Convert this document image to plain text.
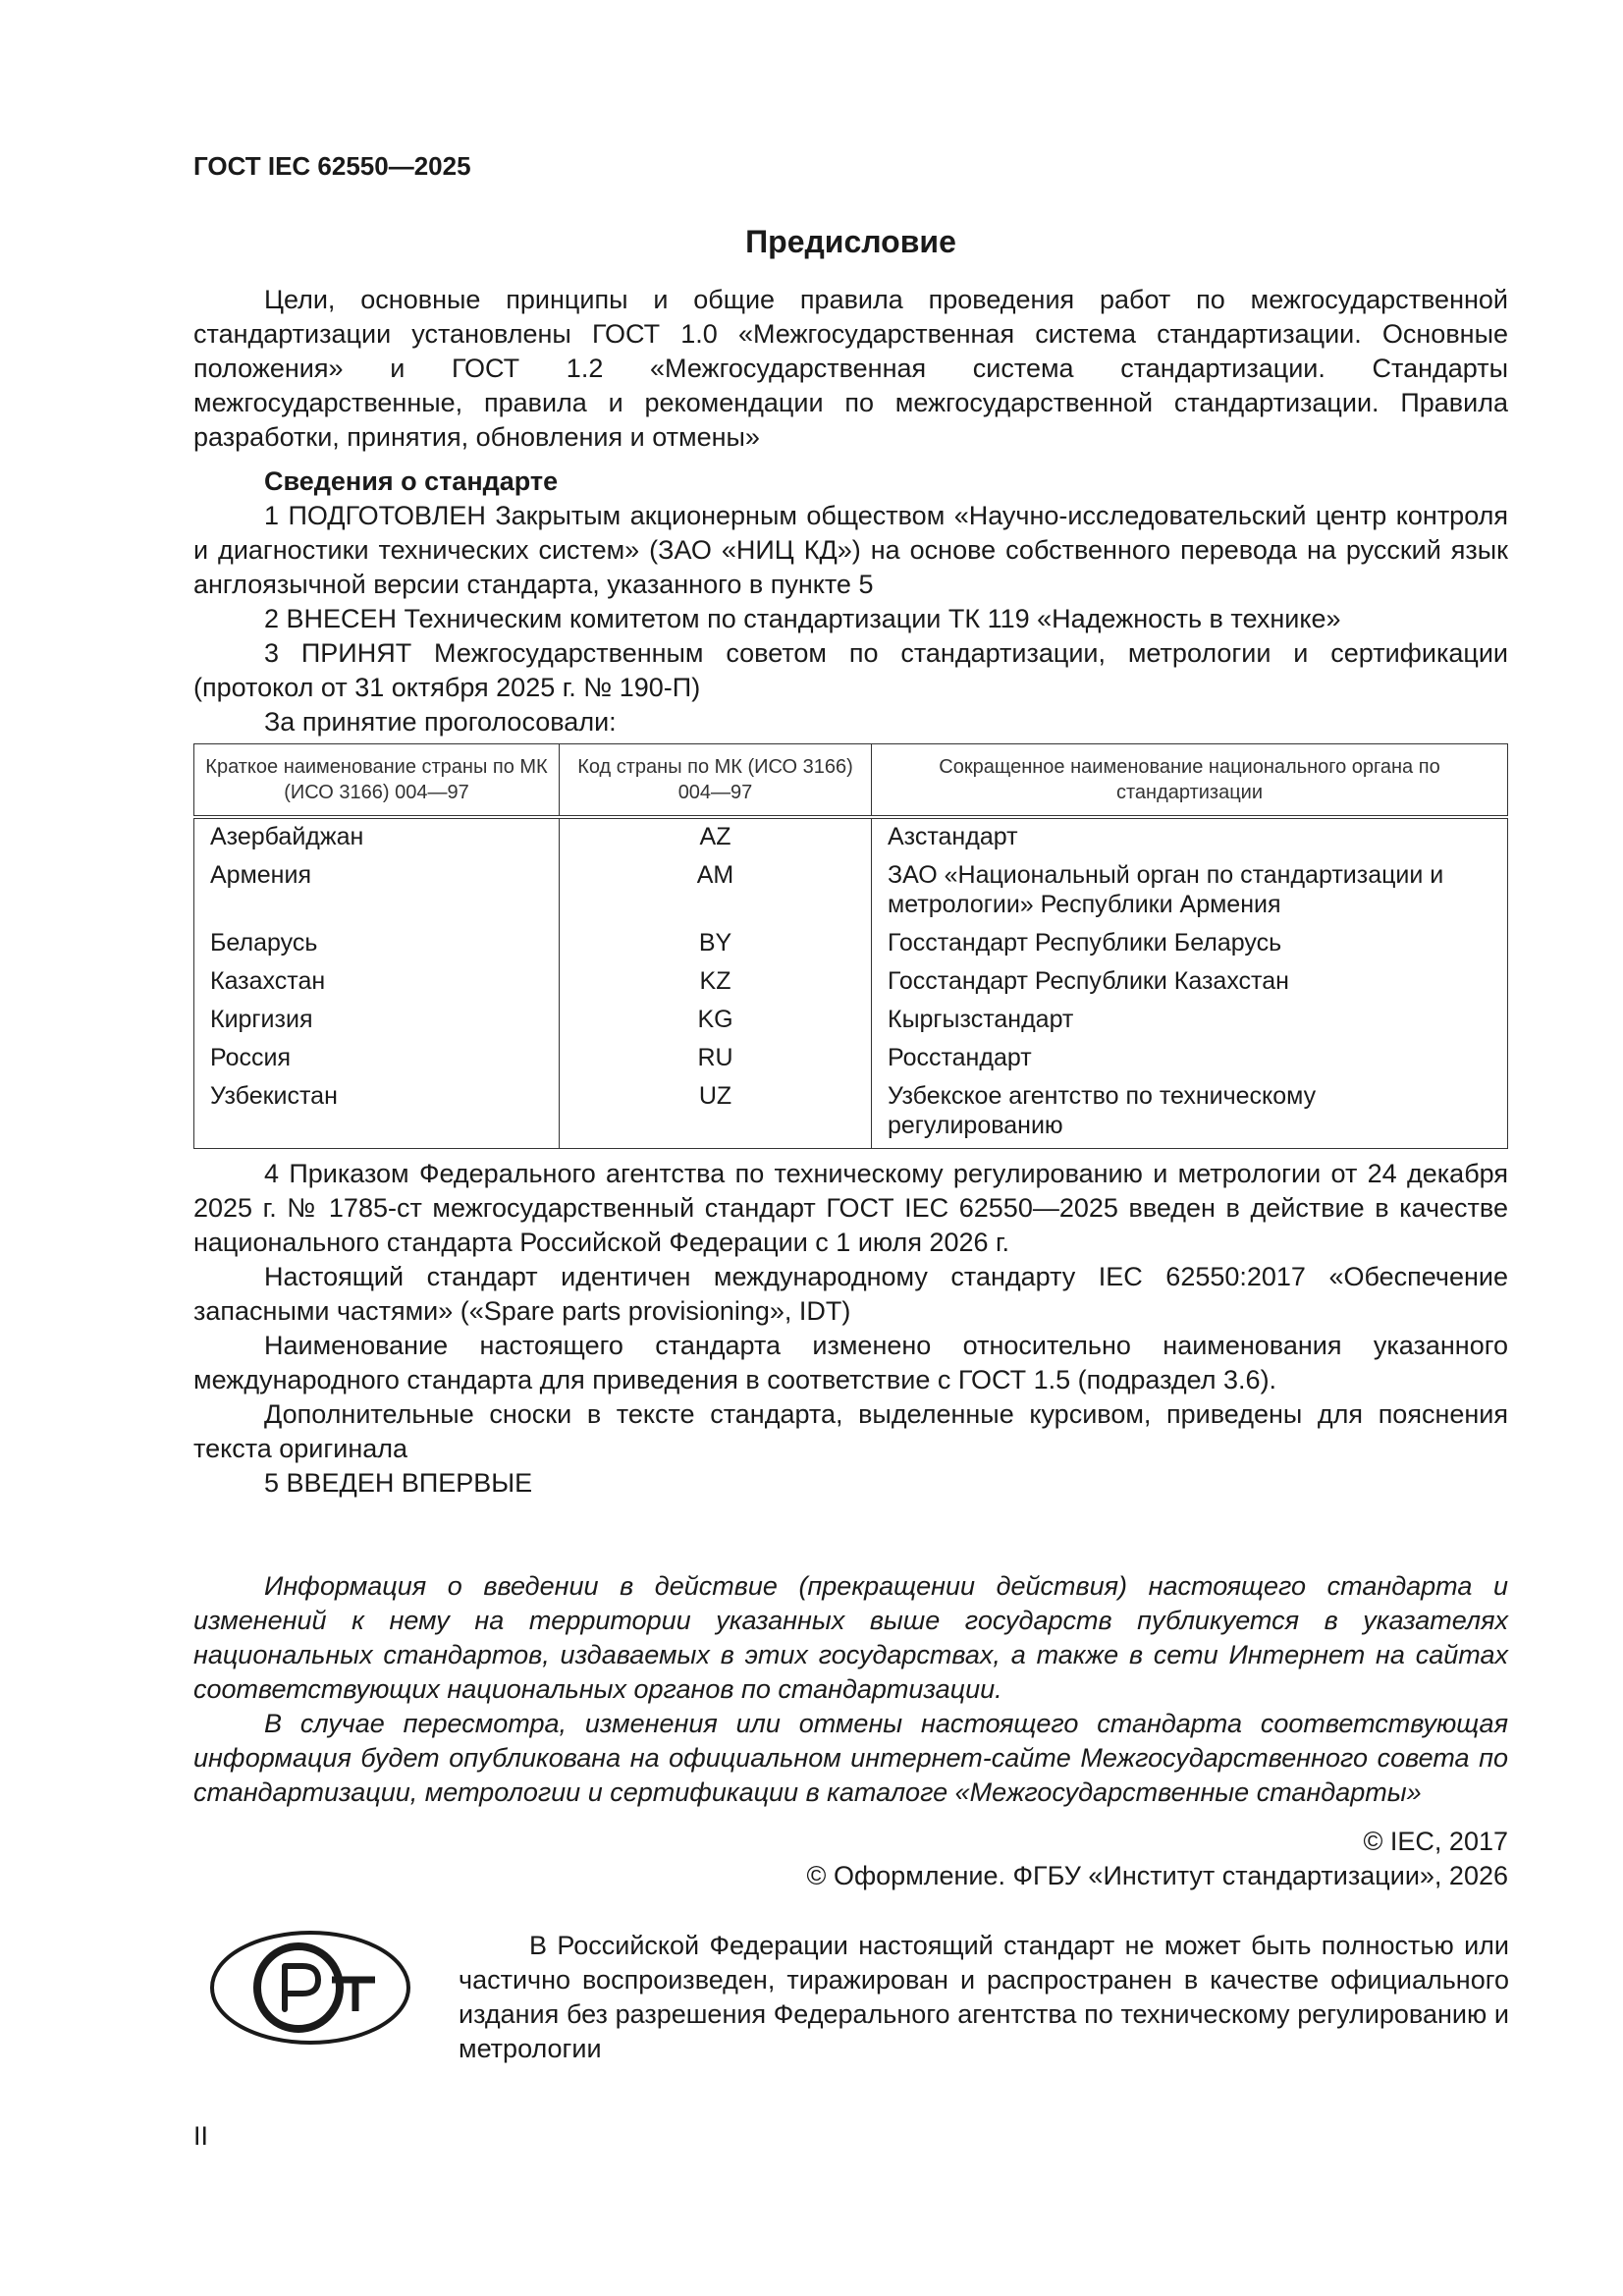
ГОСТ IEC 62550—2025
Предисловие

Цели, основные принципы и общие правила проведения работ по межгосударственной стандартизации установлены ГОСТ 1.0 «Межгосударственная система стандартизации. Основные положения» и ГОСТ 1.2 «Межгосударственная система стандартизации. Стандарты межгосударственные, правила и рекомендации по межгосударственной стандартизации. Правила разработки, принятия, обновления и отмены»

Сведения о стандарте

1 ПОДГОТОВЛЕН Закрытым акционерным обществом «Научно-исследовательский центр контроля и диагностики технических систем» (ЗАО «НИЦ КД») на основе собственного перевода на русский язык англоязычной версии стандарта, указанного в пункте 5

2 ВНЕСЕН Техническим комитетом по стандартизации ТК 119 «Надежность в технике»

3 ПРИНЯТ Межгосударственным советом по стандартизации, метрологии и сертификации (протокол от 31 октября 2025 г. № 190-П)

За принятие проголосовали:

Краткое наименование страны по МК (ИСО 3166) 004—97	Код страны по МК (ИСО 3166) 004—97	Сокращенное наименование национального органа по стандартизации
Азербайджан	AZ	Азстандарт
Армения	AM	ЗАО «Национальный орган по стандартизации и метрологии» Республики Армения
Беларусь	BY	Госстандарт Республики Беларусь
Казахстан	KZ	Госстандарт Республики Казахстан
Киргизия	KG	Кыргызстандарт
Россия	RU	Росстандарт
Узбекистан	UZ	Узбекское агентство по техническому регулированию

4 Приказом Федерального агентства по техническому регулированию и метрологии от 24 декабря 2025 г. № 1785-ст межгосударственный стандарт ГОСТ IEC 62550—2025 введен в действие в качестве национального стандарта Российской Федерации с 1 июля 2026 г.

Настоящий стандарт идентичен международному стандарту IEC 62550:2017 «Обеспечение запасными частями» («Spare parts provisioning», IDT)

Наименование настоящего стандарта изменено относительно наименования указанного международного стандарта для приведения в соответствие с ГОСТ 1.5 (подраздел 3.6).

Дополнительные сноски в тексте стандарта, выделенные курсивом, приведены для пояснения текста оригинала

5 ВВЕДЕН ВПЕРВЫЕ

Информация о введении в действие (прекращении действия) настоящего стандарта и изменений к нему на территории указанных выше государств публикуется в указателях национальных стандартов, издаваемых в этих государствах, а также в сети Интернет на сайтах соответствующих национальных органов по стандартизации.

В случае пересмотра, изменения или отмены настоящего стандарта соответствующая информация будет опубликована на официальном интернет-сайте Межгосударственного совета по стандартизации, метрологии и сертификации в каталоге «Межгосударственные стандарты»

© IEC, 2017
© Оформление. ФГБУ «Институт стандартизации», 2026

В Российской Федерации настоящий стандарт не может быть полностью или частично воспроизведен, тиражирован и распространен в качестве официального издания без разрешения Федерального агентства по техническому регулированию и метрологии

II
